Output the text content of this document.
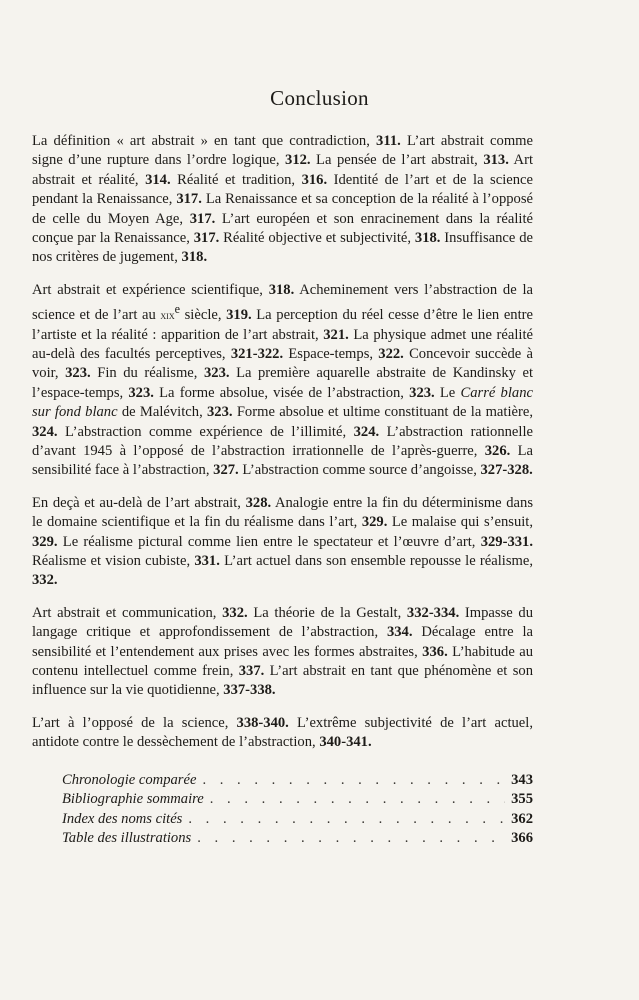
Conclusion

La définition « art abstrait » en tant que contradiction, 311. L’art abstrait comme signe d’une rupture dans l’ordre logique, 312. La pensée de l’art abstrait, 313. Art abstrait et réalité, 314. Réalité et tradition, 316. Identité de l’art et de la science pendant la Renaissance, 317. La Renaissance et sa conception de la réalité à l’opposé de celle du Moyen Age, 317. L’art européen et son enracinement dans la réalité conçue par la Renaissance, 317. Réalité objective et subjectivité, 318. Insuffisance de nos critères de jugement, 318.

Art abstrait et expérience scientifique, 318. Acheminement vers l’abstraction de la science et de l’art au xix$^e$ siècle, 319. La perception du réel cesse d’être le lien entre l’artiste et la réalité : apparition de l’art abstrait, 321. La physique admet une réalité au-delà des facultés perceptives, 321-322. Espace-temps, 322. Concevoir succède à voir, 323. Fin du réalisme, 323. La première aquarelle abstraite de Kandinsky et l’espace-temps, 323. La forme absolue, visée de l’abstraction, 323. Le Carré blanc sur fond blanc de Malévitch, 323. Forme absolue et ultime constituant de la matière, 324. L’abstraction comme expérience de l’illimité, 324. L’abstraction rationnelle d’avant 1945 à l’opposé de l’abstraction irrationnelle de l’après-guerre, 326. La sensibilité face à l’abstraction, 327. L’abstraction comme source d’angoisse, 327-328.

En deçà et au-delà de l’art abstrait, 328. Analogie entre la fin du déterminisme dans le domaine scientifique et la fin du réalisme dans l’art, 329. Le malaise qui s’ensuit, 329. Le réalisme pictural comme lien entre le spectateur et l’œuvre d’art, 329-331. Réalisme et vision cubiste, 331. L’art actuel dans son ensemble repousse le réalisme, 332.

Art abstrait et communication, 332. La théorie de la Gestalt, 332-334. Impasse du langage critique et approfondissement de l’abstraction, 334. Décalage entre la sensibilité et l’entendement aux prises avec les formes abstraites, 336. L’habitude au contenu intellectuel comme frein, 337. L’art abstrait en tant que phénomène et son influence sur la vie quotidienne, 337-338.

L’art à l’opposé de la science, 338-340. L’extrême subjectivité de l’art actuel, antidote contre le dessèchement de l’abstraction, 340-341.

Chronologie comparée . . .	343
Bibliographie sommaire . . .	355
Index des noms cités . . .	362
Table des illustrations . . .	366
